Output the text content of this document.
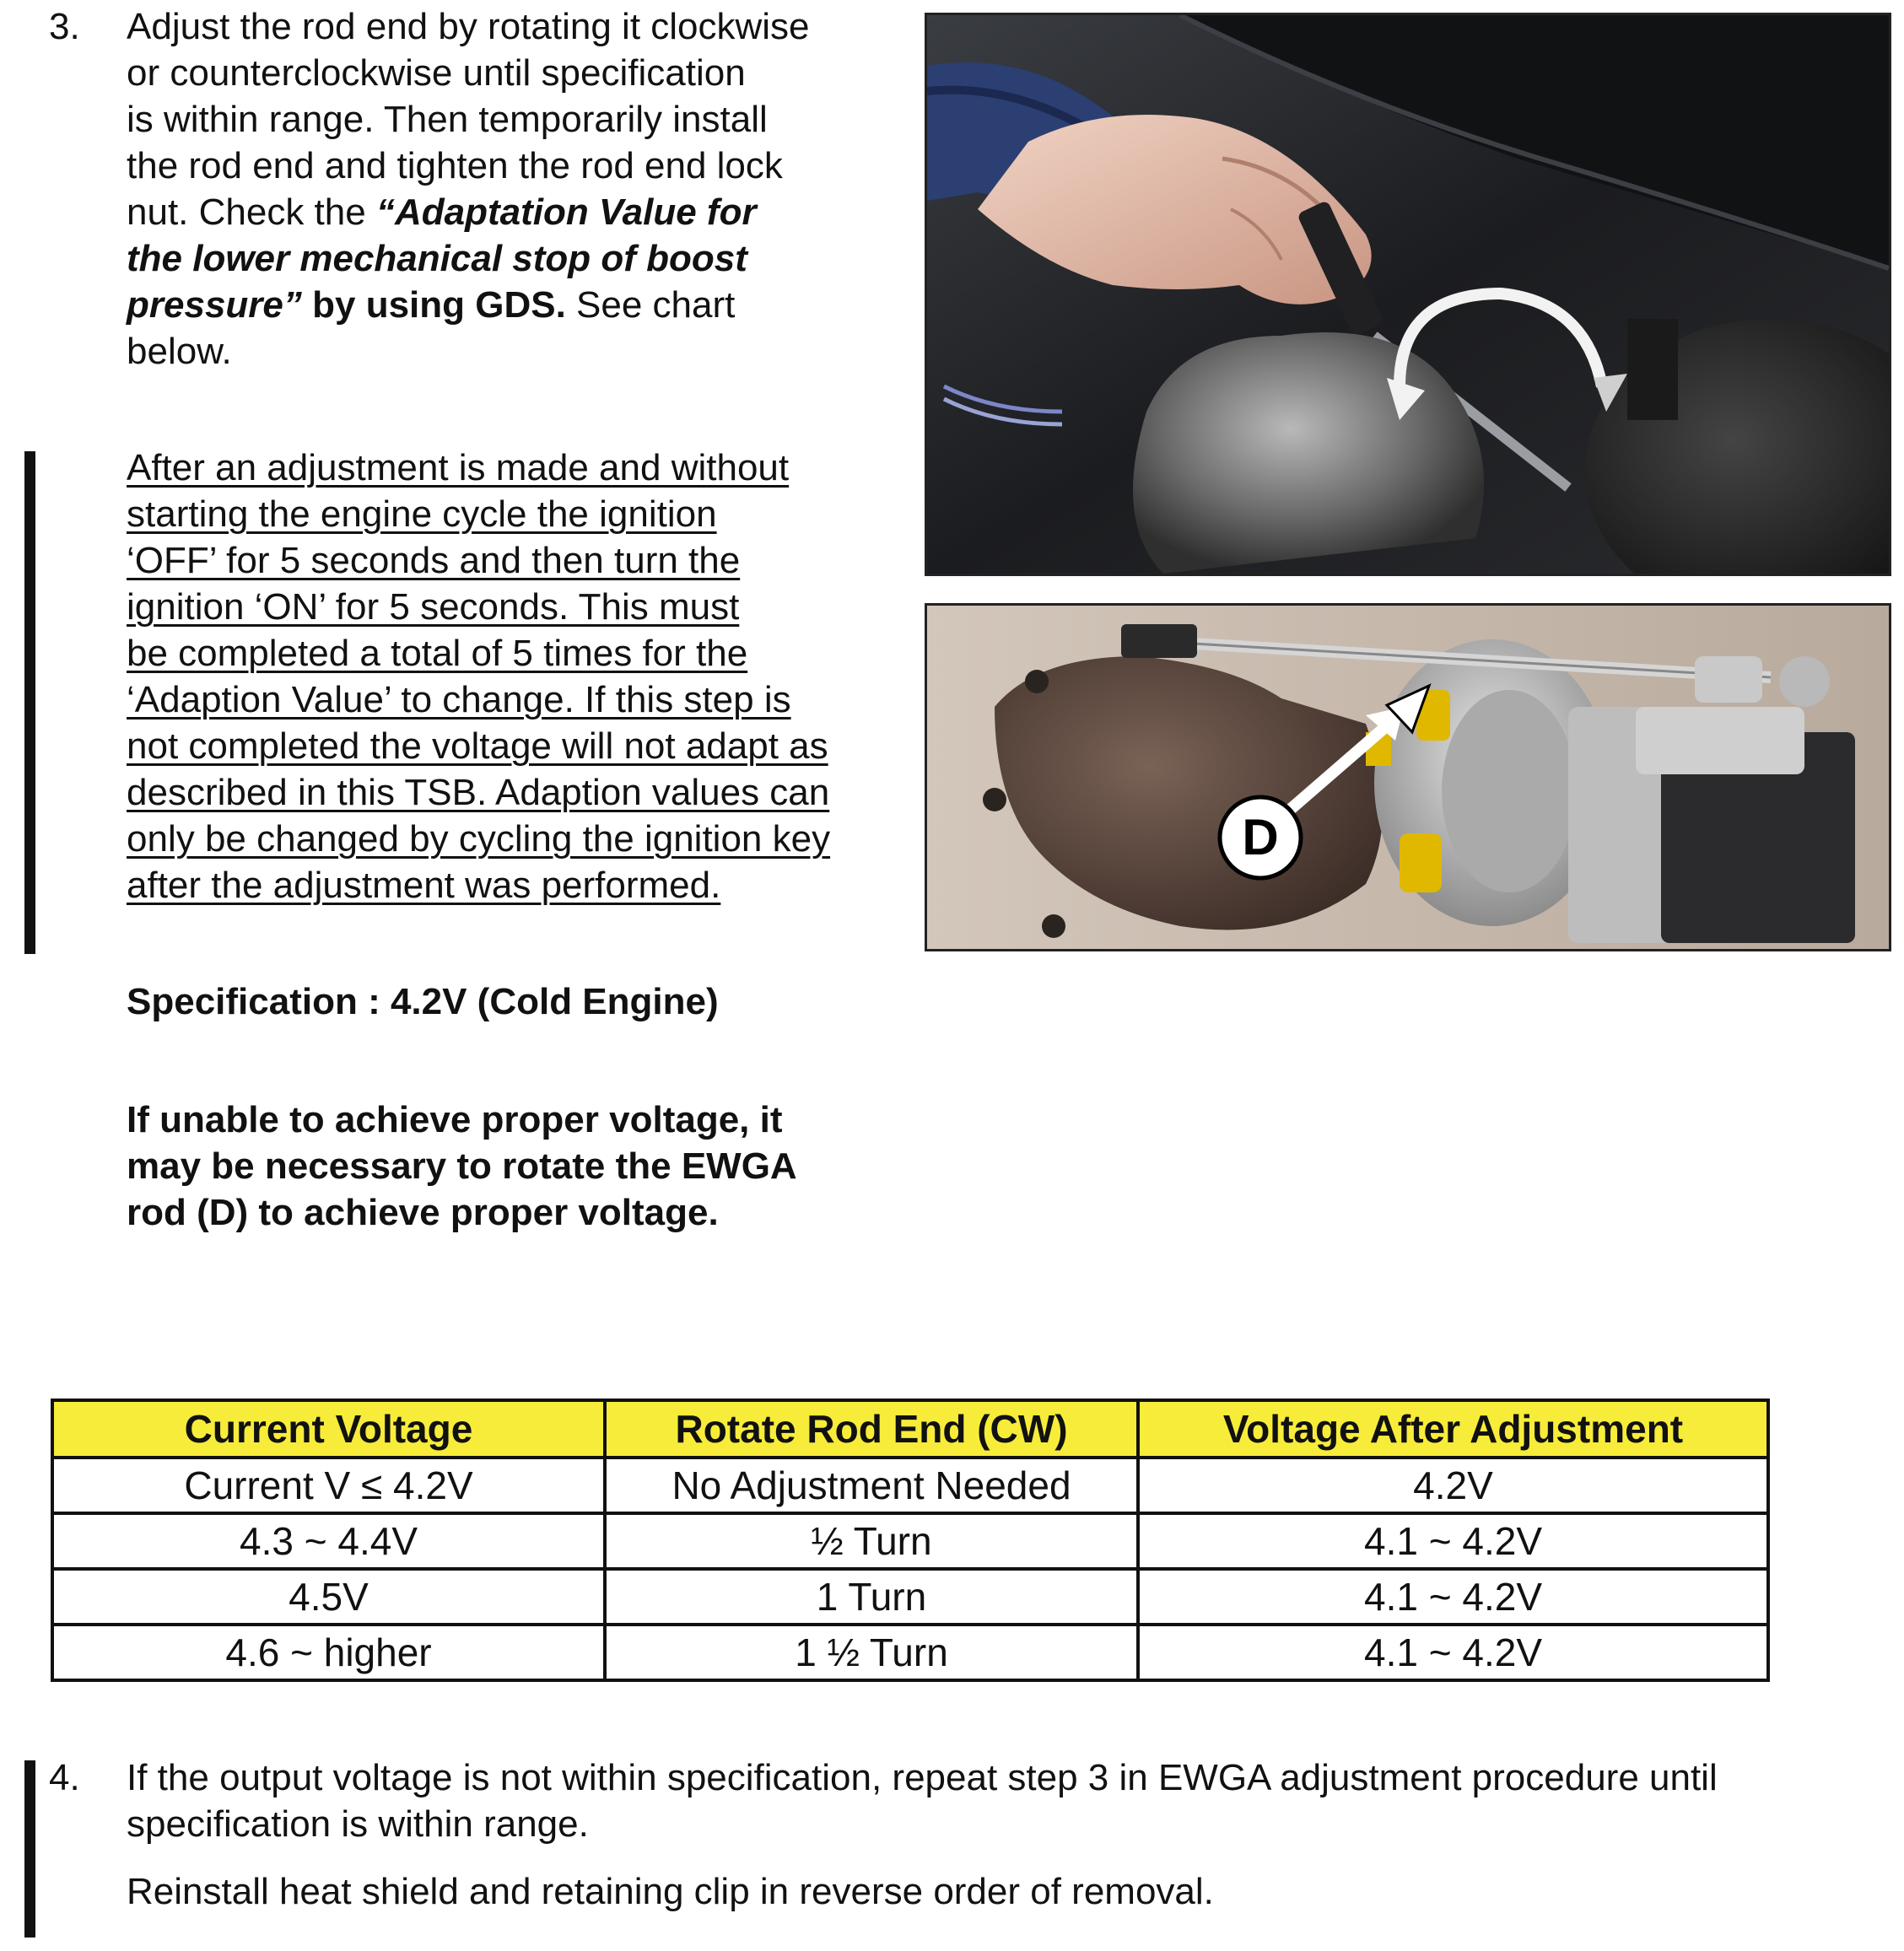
3. Adjust the rod end by rotating it clockwise
or counterclockwise until specification
is within range. Then temporarily install
the rod end and tighten the rod end lock
nut. Check the “Adaptation Value for
the lower mechanical stop of boost
pressure” by using GDS. See chart
below.
After an adjustment is made and without
starting the engine cycle the ignition
‘OFF’ for 5 seconds and then turn the
ignition ‘ON’ for 5 seconds. This must
be completed a total of 5 times for the
‘Adaption Value’ to change. If this step is
not completed the voltage will not adapt as
described in this TSB. Adaption values can
only be changed by cycling the ignition key
after the adjustment was performed.
Specification : 4.2V (Cold Engine)
If unable to achieve proper voltage, it
may be necessary to rotate the EWGA
rod (D) to achieve proper voltage.
D
Current Voltage	Rotate Rod End (CW)	Voltage After Adjustment
Current V ≤ 4.2V	No Adjustment Needed	4.2V
4.3 ~ 4.4V	½ Turn	4.1 ~ 4.2V
4.5V	1 Turn	4.1 ~ 4.2V
4.6 ~ higher	1 ½ Turn	4.1 ~ 4.2V
4. If the output voltage is not within specification, repeat step 3 in EWGA adjustment procedure until
specification is within range.
Reinstall heat shield and retaining clip in reverse order of removal.
